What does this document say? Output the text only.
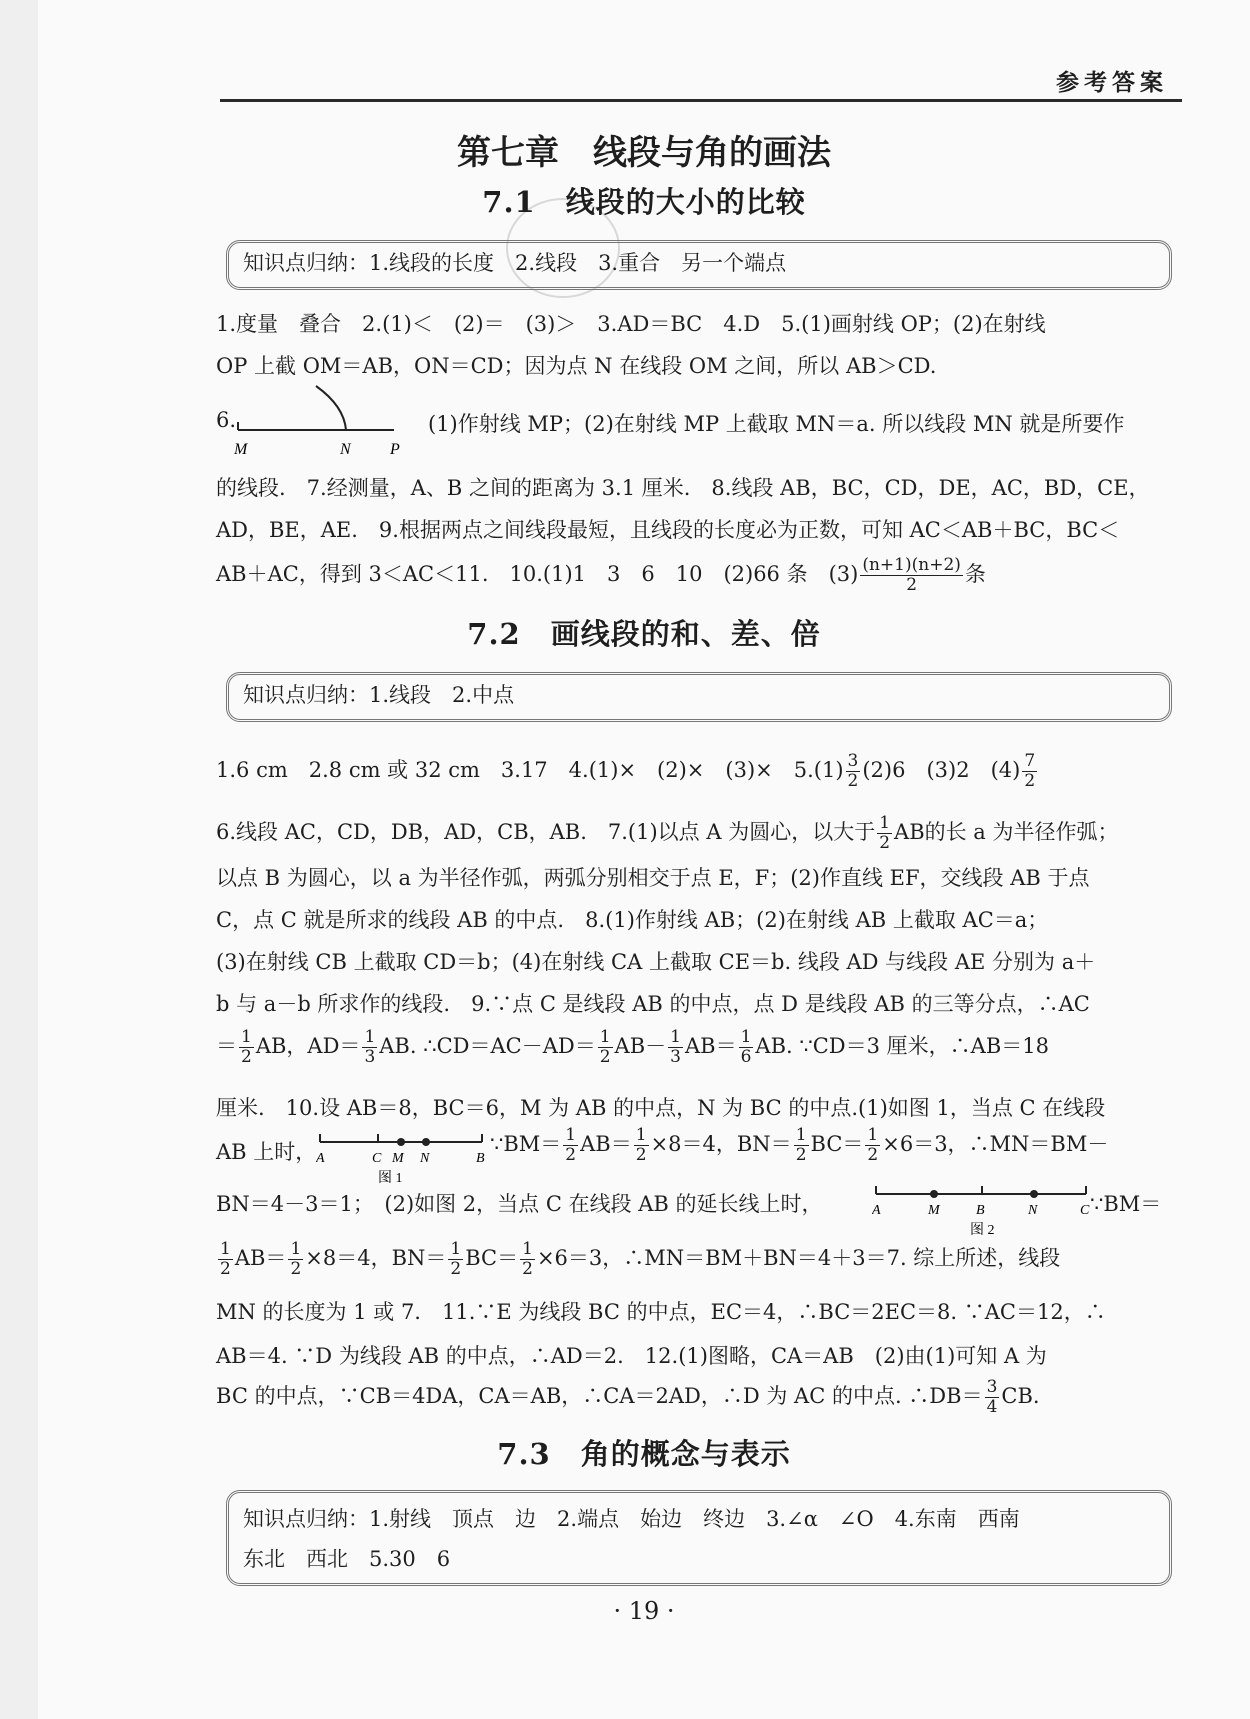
参考答案
第七章　线段与角的画法
7.1　线段的大小的比较
知识点归纳：1.线段的长度　2.线段　3.重合　另一个端点
1.度量　叠合　2.(1)＜　(2)＝　(3)＞　3.AD＝BC　4.D　5.(1)画射线 OP；(2)在射线
OP 上截 OM＝AB，ON＝CD；因为点 N 在线段 OM 之间，所以 AB＞CD.
6.
M	N P
(1)作射线 MP；(2)在射线 MP 上截取 MN＝a. 所以线段 MN 就是所要作
的线段.　7.经测量，A、B 之间的距离为 3.1 厘米.　8.线段 AB，BC，CD，DE，AC，BD，CE，
AD，BE，AE.　9.根据两点之间线段最短，且线段的长度必为正数，可知 AC＜AB＋BC，BC＜
AB＋AC，得到 3＜AC＜11.　10.(1)1　3　6　10　(2)66 条　$(3) \frac{(n+1)(n+2)}{2}$ 条
7.2　画线段的和、差、倍
知识点归纳：1.线段　2.中点
1.6 cm　2.8 cm 或 32 cm　3.17　4.(1)×　(2)×　(3)×　$5.(1) \frac{3}{2} (2)6$　(3)2　$(4) \frac{7}{2}$
6.线段 AC，CD，DB，AD，CB，AB.　7.(1)以点 A 为圆心，以大于 $\frac{1}{2}$ AB的长 a 为半径作弧；
以点 B 为圆心，以 a 为半径作弧，两弧分别相交于点 E，F；(2)作直线 EF，交线段 AB 于点
C，点 C 就是所求的线段 AB 的中点.　8.(1)作射线 AB；(2)在射线 AB 上截取 AC＝a；
(3)在射线 CB 上截取 CD＝b；(4)在射线 CA 上截取 CE＝b. 线段 AD 与线段 AE 分别为 a＋
b 与 a－b 所求作的线段.　9.∵点 C 是线段 AB 的中点，点 D 是线段 AB 的三等分点，∴AC
＝ $\frac{1}{2}$ AB，$AD= \frac{1}{3}$ AB. ∴CD＝AC－AD＝ $\frac{1}{2} AB- \frac{1}{3} AB= \frac{1}{6}$ AB. ∵CD＝3 厘米，∴AB＝18
厘米.　10.设 AB＝8，BC＝6，M 为 AB 的中点，N 为 BC 的中点.(1)如图 1，当点 C 在线段
AB 上时， A	C M N	B
图 1
∵BM＝ $\frac{1}{2} AB= \frac{1}{2} \times 8=4$，$BN= \frac{1}{2} BC= \frac{1}{2} \times 6=3$，∴MN＝BM－
BN＝4－3＝1；　(2)如图 2，当点 C 在线段 AB 的延长线上时，	A	M	B	N	C
图 2
∵BM＝
$\frac{1}{2} AB= \frac{1}{2} \times 8=4$，$BN= \frac{1}{2} BC= \frac{1}{2} \times 6=3$，∴MN＝BM＋BN＝4＋3＝7. 综上所述，线段
MN 的长度为 1 或 7.　11.∵E 为线段 BC 的中点，EC＝4，∴BC＝2EC＝8. ∵AC＝12，∴
AB＝4. ∵D 为线段 AB 的中点，∴AD＝2.　12.(1)图略，CA＝AB　(2)由(1)可知 A 为
BC 的中点，∵CB＝4DA，CA＝AB，∴CA＝2AD，∴D 为 AC 的中点. ∴DB＝ $\frac{3}{4}$ CB.
7.3　角的概念与表示
知识点归纳：1.射线　顶点　边　2.端点　始边　终边　3.∠α　∠O　4.东南　西南
东北　西北　5.30　6
· 19 ·
